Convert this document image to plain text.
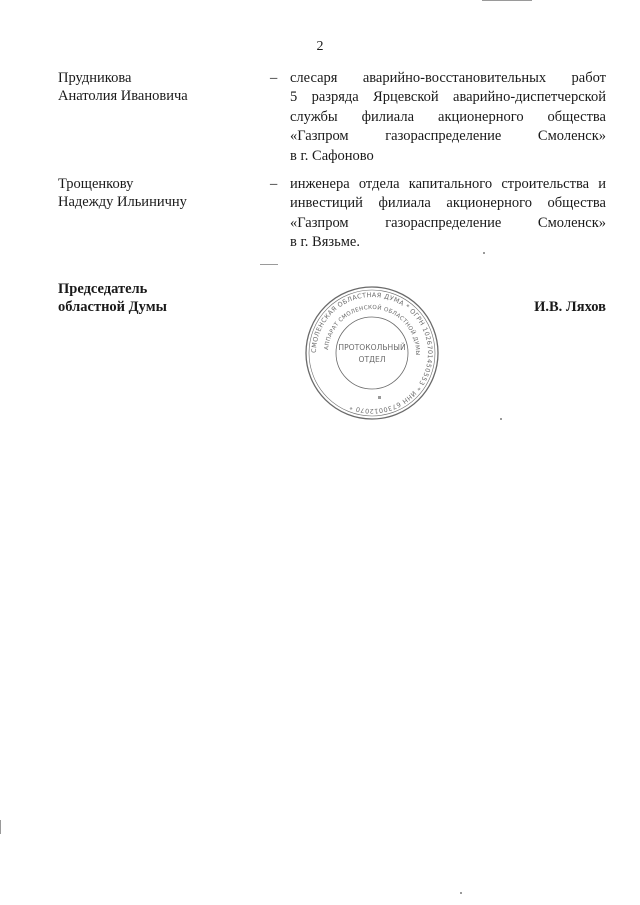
2
Прудникова
Анатолия Ивановича
– слесаря аварийно-восстановительных работ
5 разряда Ярцевской аварийно-диспетчерской
службы филиала акционерного общества
«Газпром газораспределение Смоленск»
в г. Сафоново
Трощенкову
Надежду Ильиничну
– инженера отдела капитального строительства и
инвестиций филиала акционерного общества
«Газпром газораспределение Смоленск»
в г. Вязьме.
Председатель
областной Думы	И.В. Ляхов
СМОЛЕНСКАЯ ОБЛАСТНАЯ ДУМА * ОГРН 1026701450553 * ИНН 6730012070 *
АППАРАТ СМОЛЕНСКОЙ ОБЛАСТНОЙ ДУМЫ
ПРОТОКОЛЬНЫЙ
ОТДЕЛ
